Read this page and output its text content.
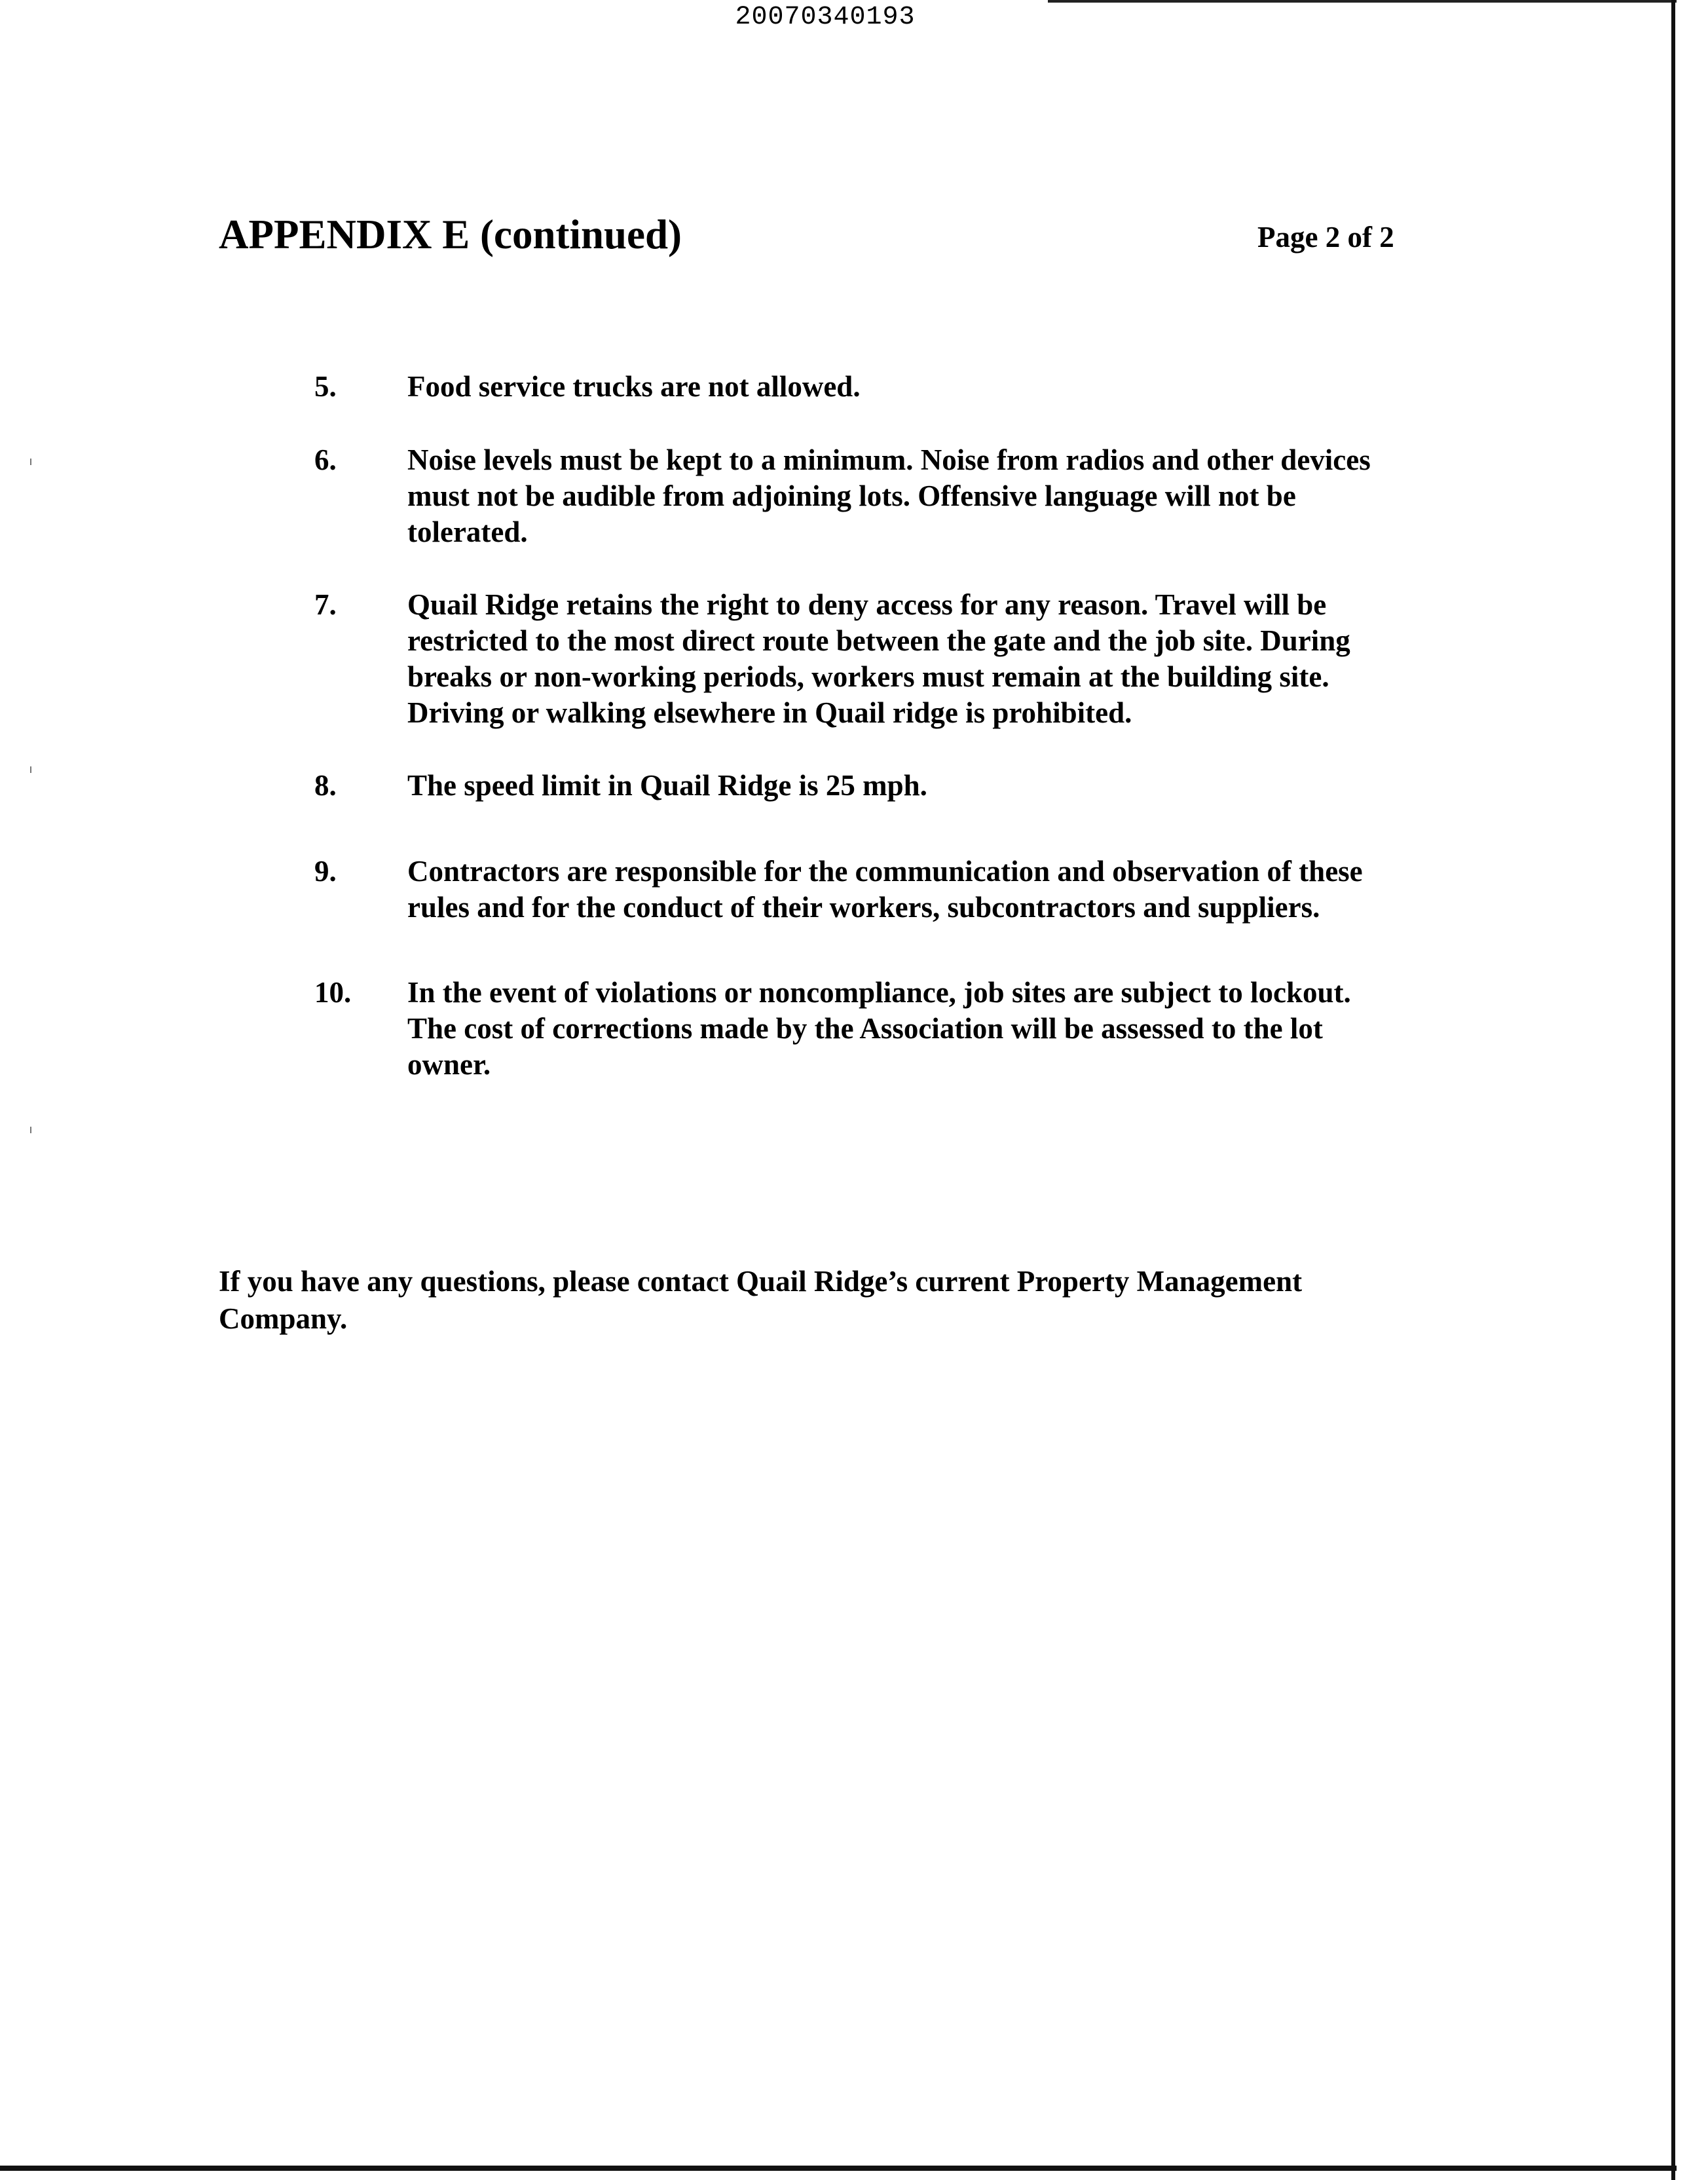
20070340193
APPENDIX E (continued)	Page 2 of 2
5. Food service trucks are not allowed.
6. Noise levels must be kept to a minimum. Noise from radios and other devices
must not be audible from adjoining lots. Offensive language will not be
tolerated.
7. Quail Ridge retains the right to deny access for any reason. Travel will be
restricted to the most direct route between the gate and the job site. During
breaks or non-working periods, workers must remain at the building site.
Driving or walking elsewhere in Quail ridge is prohibited.
8. The speed limit in Quail Ridge is 25 mph.
9. Contractors are responsible for the communication and observation of these
rules and for the conduct of their workers, subcontractors and suppliers.
10. In the event of violations or noncompliance, job sites are subject to lockout.
The cost of corrections made by the Association will be assessed to the lot
owner.
If you have any questions, please contact Quail Ridge’s current Property Management
Company.
